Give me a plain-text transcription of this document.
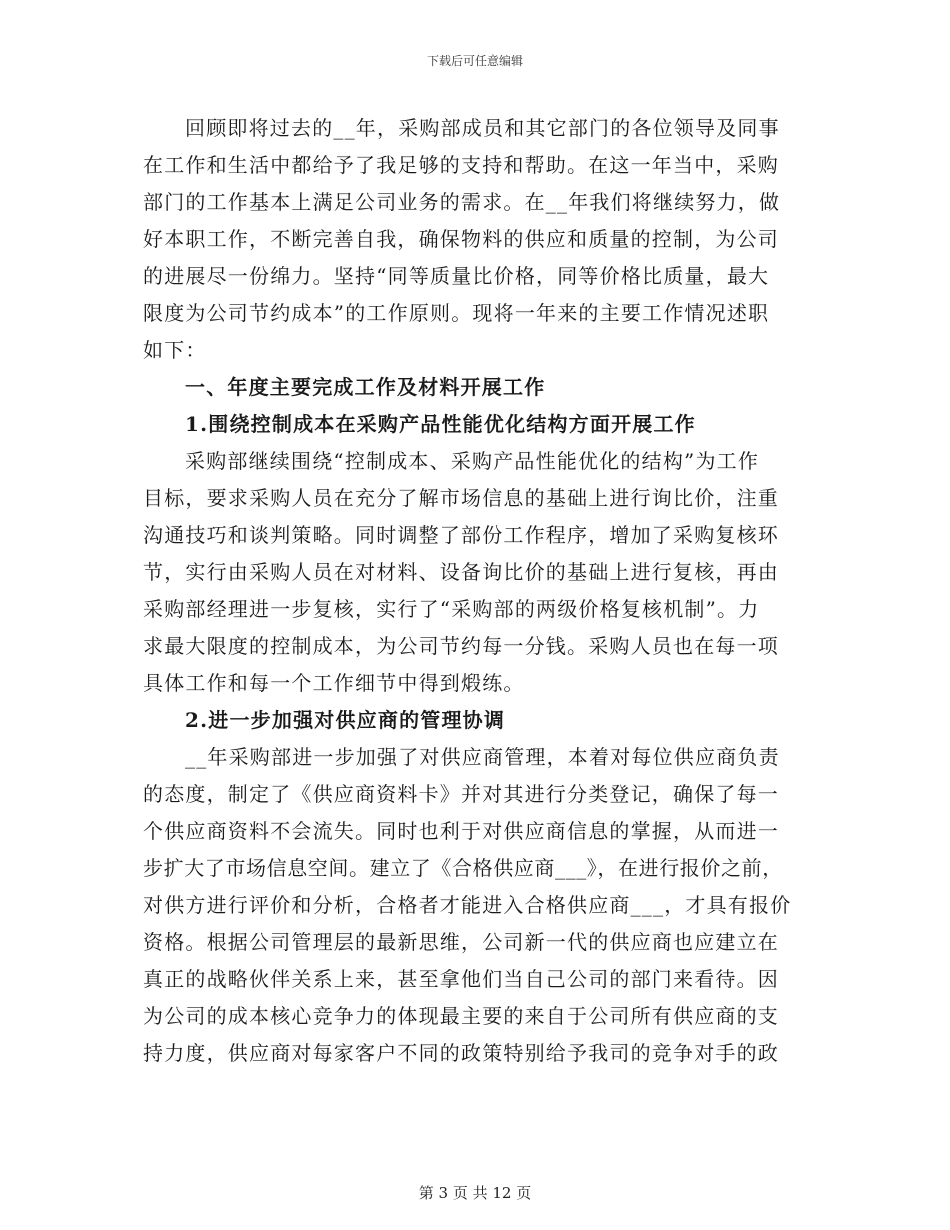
下载后可任意编辑
回顾即将过去的__年，采购部成员和其它部门的各位领导及同事
在工作和生活中都给予了我足够的支持和帮助。在这一年当中，采购
部门的工作基本上满足公司业务的需求。在__年我们将继续努力，做
好本职工作，不断完善自我，确保物料的供应和质量的控制，为公司
的进展尽一份绵力。坚持“同等质量比价格，同等价格比质量，最大
限度为公司节约成本”的工作原则。现将一年来的主要工作情况述职
如下：
一、年度主要完成工作及材料开展工作
1.围绕控制成本在采购产品性能优化结构方面开展工作
采购部继续围绕“控制成本、采购产品性能优化的结构”为工作
目标，要求采购人员在充分了解市场信息的基础上进行询比价，注重
沟通技巧和谈判策略。同时调整了部份工作程序，增加了采购复核环
节，实行由采购人员在对材料、设备询比价的基础上进行复核，再由
采购部经理进一步复核，实行了“采购部的两级价格复核机制”。力
求最大限度的控制成本，为公司节约每一分钱。采购人员也在每一项
具体工作和每一个工作细节中得到煅练。
2.进一步加强对供应商的管理协调
__年采购部进一步加强了对供应商管理，本着对每位供应商负责
的态度，制定了《供应商资料卡》并对其进行分类登记，确保了每一
个供应商资料不会流失。同时也利于对供应商信息的掌握，从而进一
步扩大了市场信息空间。建立了《合格供应商___》，在进行报价之前，
对供方进行评价和分析，合格者才能进入合格供应商___，才具有报价
资格。根据公司管理层的最新思维，公司新一代的供应商也应建立在
真正的战略伙伴关系上来，甚至拿他们当自己公司的部门来看待。因
为公司的成本核心竞争力的体现最主要的来自于公司所有供应商的支
持力度，供应商对每家客户不同的政策特别给予我司的竞争对手的政
第 3 页 共 12 页
